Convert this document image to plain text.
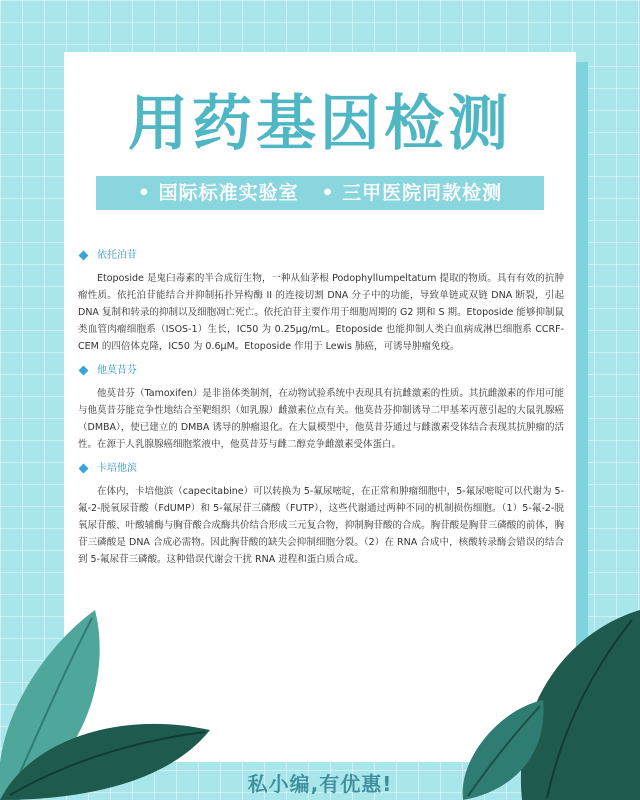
用药基因检测
• 国际标准实验室   • 三甲医院同款检测
依托泊苷

Etoposide 是鬼臼毒素的半合成衍生物，一种从仙茅根 Podophyllumpeltatum 提取的物质。具有有效的抗肿瘤性质。依托泊苷能结合并抑制拓扑异构酶 II 的连接切割 DNA 分子中的功能，导致单链或双链 DNA 断裂，引起 DNA 复制和转录的抑制以及细胞凋亡死亡。依托泊苷主要作用于细胞周期的 G2 期和 S 期。Etoposide 能够抑制鼠类血管肉瘤细胞系（ISOS-1）生长，IC50 为 0.25μg/mL。Etoposide 也能抑制人类白血病成淋巴细胞系 CCRF-CEM 的四倍体克隆，IC50 为 0.6μM。Etoposide 作用于 Lewis 肺癌，可诱导肿瘤免疫。

他莫昔芬

他莫昔芬（Tamoxifen）是非甾体类制剂，在动物试验系统中表现具有抗雌激素的性质。其抗雌激素的作用可能与他莫昔芬能竞争性地结合至靶组织（如乳腺）雌激素位点有关。他莫昔芬抑制诱导二甲基苯丙蒽引起的大鼠乳腺癌（DMBA），使已建立的 DMBA 诱导的肿瘤退化。在大鼠模型中，他莫昔芬通过与雌激素受体结合表现其抗肿瘤的活性。在源于人乳腺腺癌细胞浆液中，他莫昔芬与雌二醇竞争雌激素受体蛋白。

卡培他滨

在体内，卡培他滨（capecitabine）可以转换为 5-氟尿嘧啶，在正常和肿瘤细胞中，5-氟尿嘧啶可以代谢为 5-氟-2-脱氧尿苷酸（FdUMP）和 5-氟尿苷三磷酸（FUTP），这些代谢通过两种不同的机制损伤细胞。（1）5-氟-2-脱氧尿苷酸、叶酸辅酶与胸苷酸合成酶共价结合形成三元复合物，抑制胸苷酸的合成。胸苷酸是胸苷三磷酸的前体，胸苷三磷酸是 DNA 合成必需物。因此胸苷酸的缺失会抑制细胞分裂。（2）在 RNA 合成中，核酸转录酶会错误的结合到 5-氟尿苷三磷酸。这种错误代谢会干扰 RNA 进程和蛋白质合成。

私小编,有优惠!
